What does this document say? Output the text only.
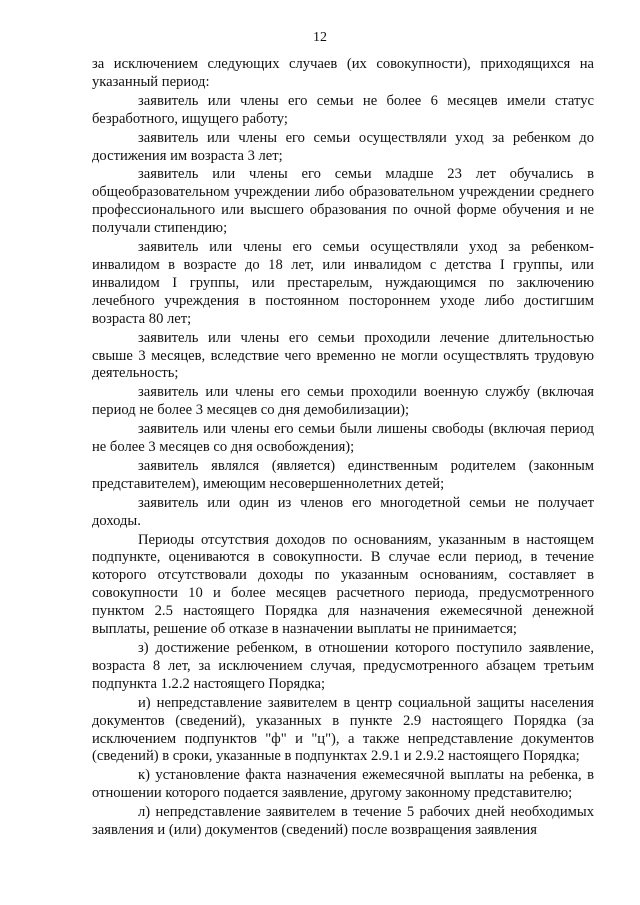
12

за исключением следующих случаев (их совокупности), приходящихся на указанный период:

заявитель или члены его семьи не более 6 месяцев имели статус безработного, ищущего работу;

заявитель или члены его семьи осуществляли уход за ребенком до достижения им возраста 3 лет;

заявитель или члены его семьи младше 23 лет обучались в общеобразовательном учреждении либо образовательном учреждении среднего профессионального или высшего образования по очной форме обучения и не получали стипендию;

заявитель или члены его семьи осуществляли уход за ребенком-инвалидом в возрасте до 18 лет, или инвалидом с детства I группы, или инвалидом I группы, или престарелым, нуждающимся по заключению лечебного учреждения в постоянном постороннем уходе либо достигшим возраста 80 лет;

заявитель или члены его семьи проходили лечение длительностью свыше 3 месяцев, вследствие чего временно не могли осуществлять трудовую деятельность;

заявитель или члены его семьи проходили военную службу (включая период не более 3 месяцев со дня демобилизации);

заявитель или члены его семьи были лишены свободы (включая период не более 3 месяцев со дня освобождения);

заявитель являлся (является) единственным родителем (законным представителем), имеющим несовершеннолетних детей;

заявитель или один из членов его многодетной семьи не получает доходы.

Периоды отсутствия доходов по основаниям, указанным в настоящем подпункте, оцениваются в совокупности. В случае если период, в течение которого отсутствовали доходы по указанным основаниям, составляет в совокупности 10 и более месяцев расчетного периода, предусмотренного пунктом 2.5 настоящего Порядка для назначения ежемесячной денежной выплаты, решение об отказе в назначении выплаты не принимается;

з) достижение ребенком, в отношении которого поступило заявление, возраста 8 лет, за исключением случая, предусмотренного абзацем третьим подпункта 1.2.2 настоящего Порядка;

и) непредставление заявителем в центр социальной защиты населения документов (сведений), указанных в пункте 2.9 настоящего Порядка (за исключением подпунктов "ф" и "ц"), а также непредставление документов (сведений) в сроки, указанные в подпунктах 2.9.1 и 2.9.2 настоящего Порядка;

к) установление факта назначения ежемесячной выплаты на ребенка, в отношении которого подается заявление, другому законному представителю;

л) непредставление заявителем в течение 5 рабочих дней необходимых заявления и (или) документов (сведений) после возвращения заявления
